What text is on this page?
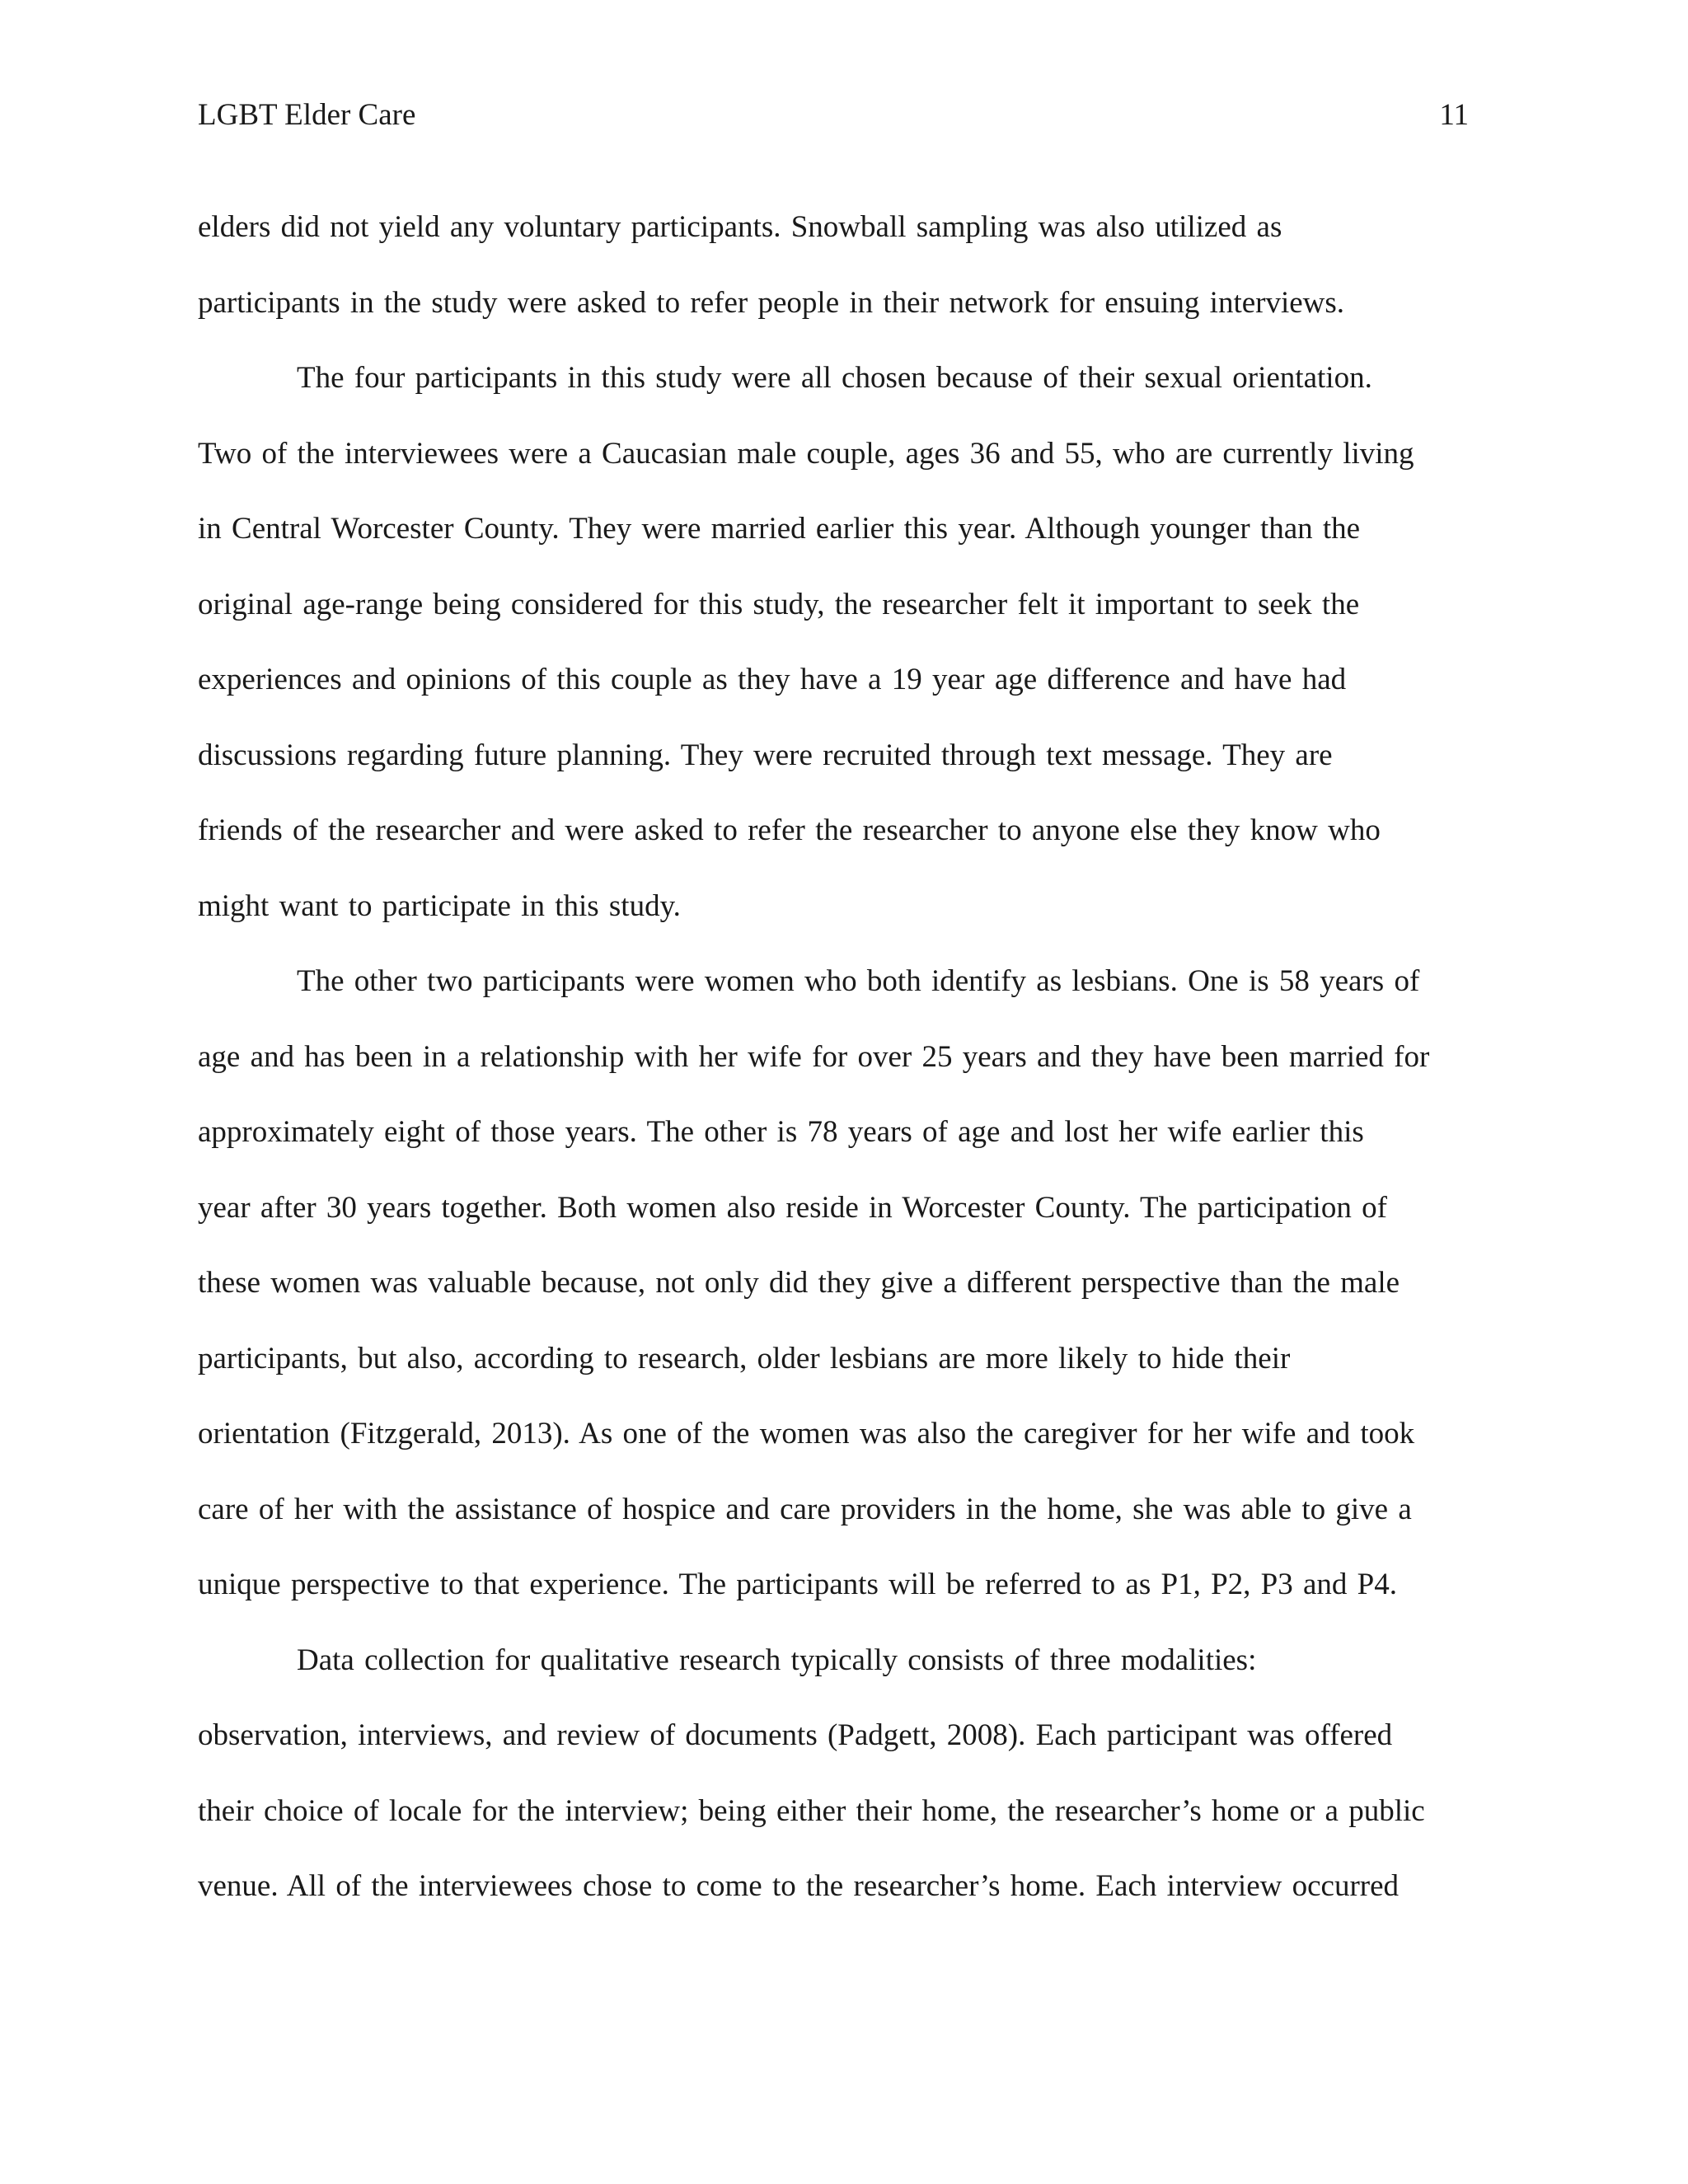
LGBT Elder Care	11
elders did not yield any voluntary participants. Snowball sampling was also utilized as
participants in the study were asked to refer people in their network for ensuing interviews.
The four participants in this study were all chosen because of their sexual orientation.
Two of the interviewees were a Caucasian male couple, ages 36 and 55, who are currently living
in Central Worcester County. They were married earlier this year. Although younger than the
original age-range being considered for this study, the researcher felt it important to seek the
experiences and opinions of this couple as they have a 19 year age difference and have had
discussions regarding future planning. They were recruited through text message. They are
friends of the researcher and were asked to refer the researcher to anyone else they know who
might want to participate in this study.
The other two participants were women who both identify as lesbians. One is 58 years of
age and has been in a relationship with her wife for over 25 years and they have been married for
approximately eight of those years. The other is 78 years of age and lost her wife earlier this
year after 30 years together. Both women also reside in Worcester County. The participation of
these women was valuable because, not only did they give a different perspective than the male
participants, but also, according to research, older lesbians are more likely to hide their
orientation (Fitzgerald, 2013). As one of the women was also the caregiver for her wife and took
care of her with the assistance of hospice and care providers in the home, she was able to give a
unique perspective to that experience. The participants will be referred to as P1, P2, P3 and P4.
Data collection for qualitative research typically consists of three modalities:
observation, interviews, and review of documents (Padgett, 2008). Each participant was offered
their choice of locale for the interview; being either their home, the researcher’s home or a public
venue. All of the interviewees chose to come to the researcher’s home. Each interview occurred
